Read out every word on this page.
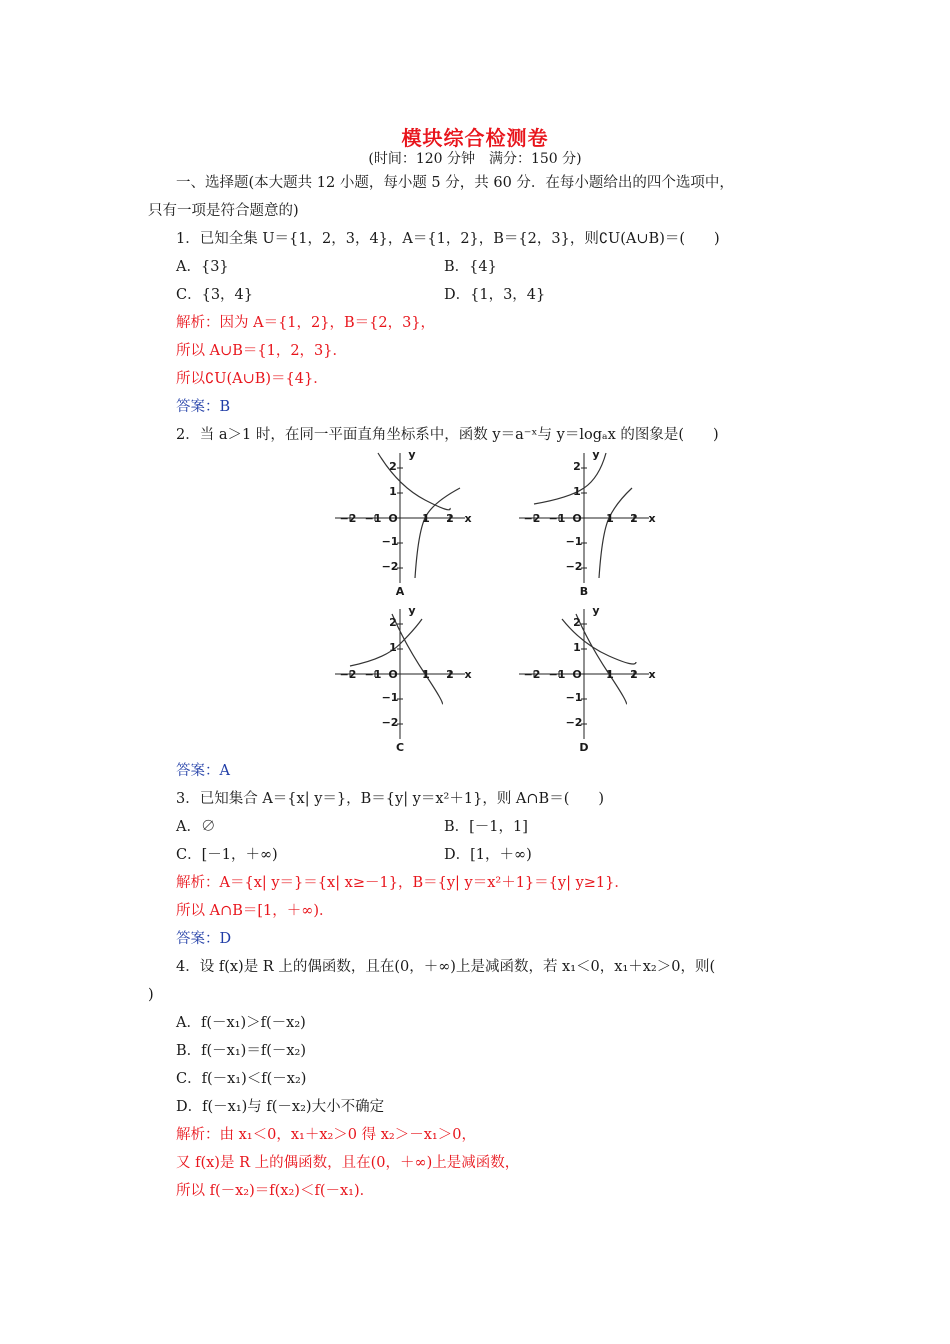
模块综合检测卷
(时间：120 分钟　满分：150 分)
一、选择题(本大题共 12 小题，每小题 5 分，共 60 分．在每小题给出的四个选项中，
只有一项是符合题意的)
1．已知全集 U＝{1，2，3，4}，A＝{1，2}，B＝{2，3}，则∁U(A∪B)＝(　　)
A．{3}	B．{4}
C．{3，4}	D．{1，3，4}
解析：因为 A＝{1，2}，B＝{2，3}，
所以 A∪B＝{1，2，3}．
所以∁U(A∪B)＝{4}．
答案：B
2．当 a＞1 时，在同一平面直角坐标系中，函数 y＝a⁻ˣ与 y＝logₐx 的图象是(　　)
y
x
O
−2 −1	1	2
2
1
−1
−2
A
y
x
O
−2 −1	1	2
2
1
−1
−2
B
y
x
O
−2 −1	1	2
2
1
−1
−2
C
y
x
O
−2 −1	1	2
2
1
−1
−2
D
答案：A
3．已知集合 A＝{x| y＝}，B＝{y| y＝x²＋1}，则 A∩B＝(　　)
A．∅	B．[－1，1]
C．[－1，＋∞)	D．[1，＋∞)
解析：A＝{x| y＝}＝{x| x≥－1}，B＝{y| y＝x²＋1}＝{y| y≥1}．
所以 A∩B＝[1，＋∞)．
答案：D
4．设 f(x)是 R 上的偶函数，且在(0，＋∞)上是减函数，若 x₁＜0，x₁＋x₂＞0，则(
)
A．f(－x₁)＞f(－x₂)
B．f(－x₁)＝f(－x₂)
C．f(－x₁)＜f(－x₂)
D．f(－x₁)与 f(－x₂)大小不确定
解析：由 x₁＜0，x₁＋x₂＞0 得 x₂＞－x₁＞0，
又 f(x)是 R 上的偶函数，且在(0，＋∞)上是减函数，
所以 f(－x₂)＝f(x₂)＜f(－x₁)．
